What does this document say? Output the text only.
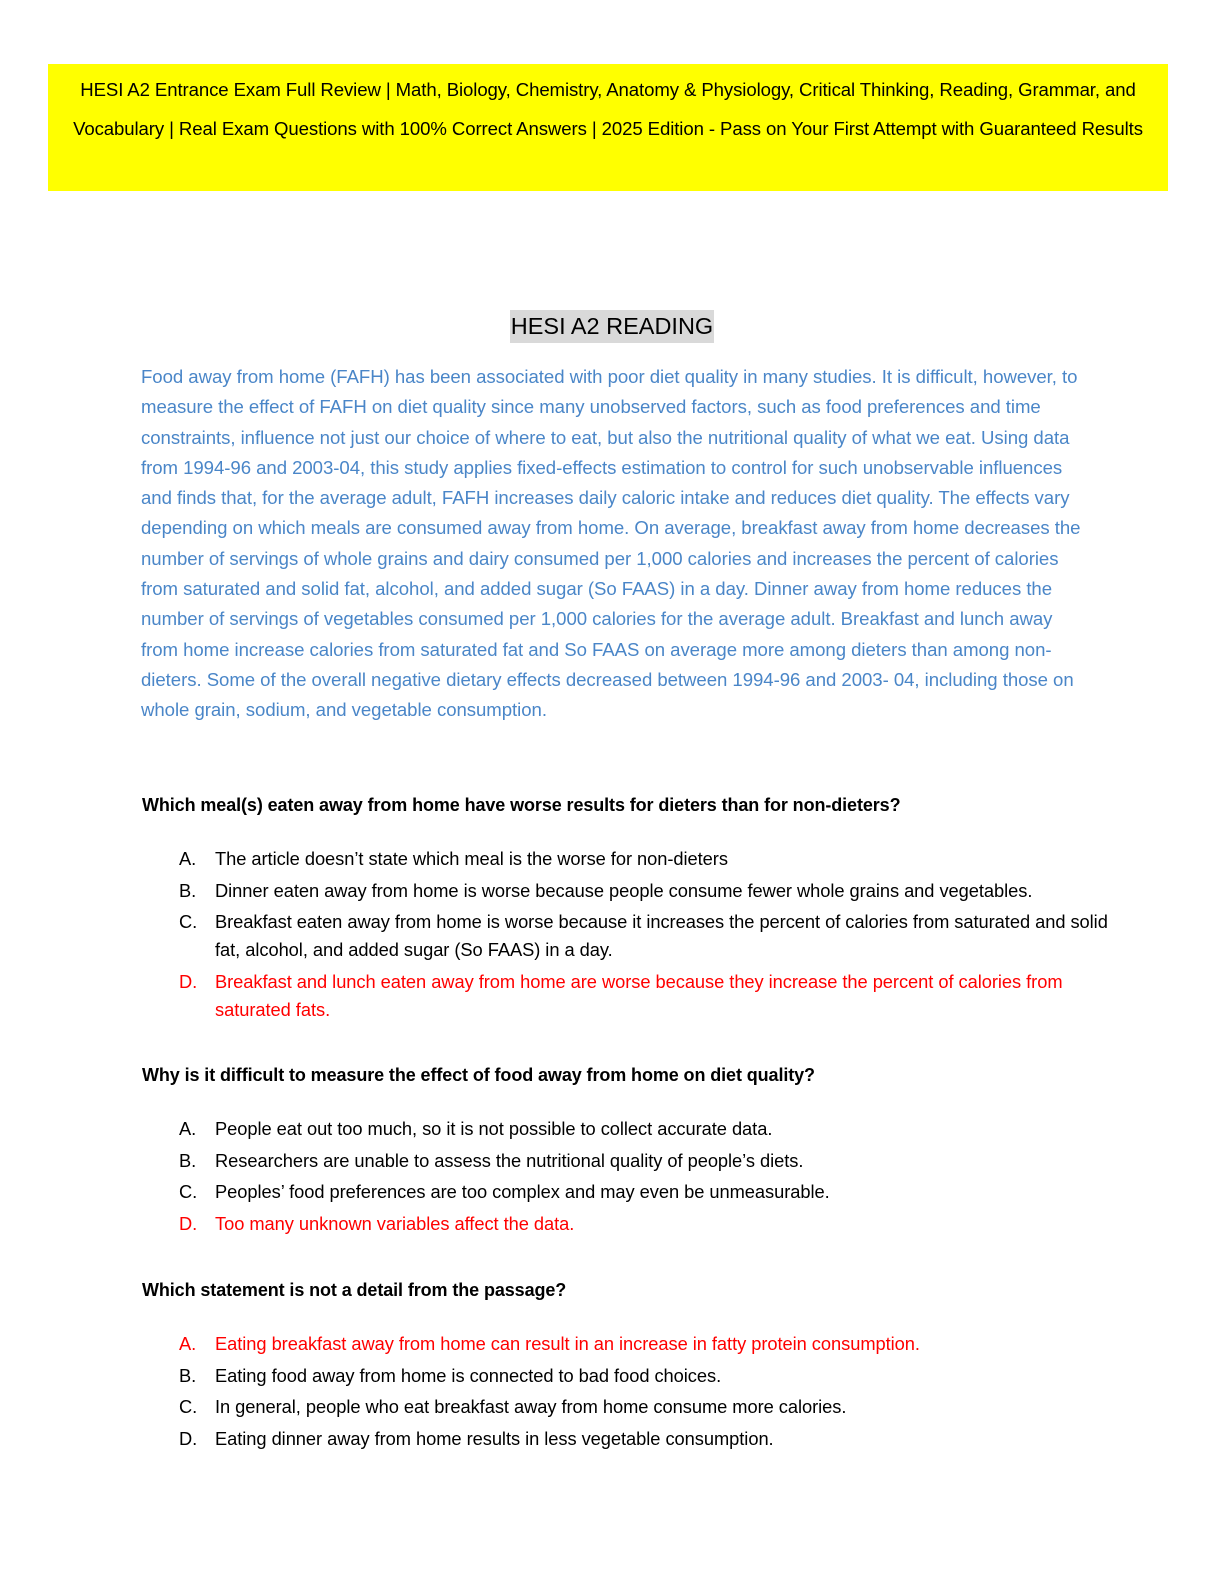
HESI A2 Entrance Exam Full Review | Math, Biology, Chemistry, Anatomy & Physiology, Critical Thinking, Reading, Grammar, and Vocabulary | Real Exam Questions with 100% Correct Answers | 2025 Edition - Pass on Your First Attempt with Guaranteed Results
HESI A2 READING

Food away from home (FAFH) has been associated with poor diet quality in many studies. It is difficult, however, to measure the effect of FAFH on diet quality since many unobserved factors, such as food preferences and time constraints, influence not just our choice of where to eat, but also the nutritional quality of what we eat. Using data from 1994-96 and 2003-04, this study applies fixed-effects estimation to control for such unobservable influences and finds that, for the average adult, FAFH increases daily caloric intake and reduces diet quality. The effects vary depending on which meals are consumed away from home. On average, breakfast away from home decreases the number of servings of whole grains and dairy consumed per 1,000 calories and increases the percent of calories from saturated and solid fat, alcohol, and added sugar (So FAAS) in a day. Dinner away from home reduces the number of servings of vegetables consumed per 1,000 calories for the average adult. Breakfast and lunch away from home increase calories from saturated fat and So FAAS on average more among dieters than among non-dieters. Some of the overall negative dietary effects decreased between 1994-96 and 2003- 04, including those on whole grain, sodium, and vegetable consumption.

Which meal(s) eaten away from home have worse results for dieters than for non-dieters?

A. The article doesn’t state which meal is the worse for non-dieters
B. Dinner eaten away from home is worse because people consume fewer whole grains and vegetables.
C. Breakfast eaten away from home is worse because it increases the percent of calories from saturated and solid fat, alcohol, and added sugar (So FAAS) in a day.
D. Breakfast and lunch eaten away from home are worse because they increase the percent of calories from saturated fats.

Why is it difficult to measure the effect of food away from home on diet quality?

A. People eat out too much, so it is not possible to collect accurate data.
B. Researchers are unable to assess the nutritional quality of people’s diets.
C. Peoples’ food preferences are too complex and may even be unmeasurable.
D. Too many unknown variables affect the data.

Which statement is not a detail from the passage?

A. Eating breakfast away from home can result in an increase in fatty protein consumption.
B. Eating food away from home is connected to bad food choices.
C. In general, people who eat breakfast away from home consume more calories.
D. Eating dinner away from home results in less vegetable consumption.
